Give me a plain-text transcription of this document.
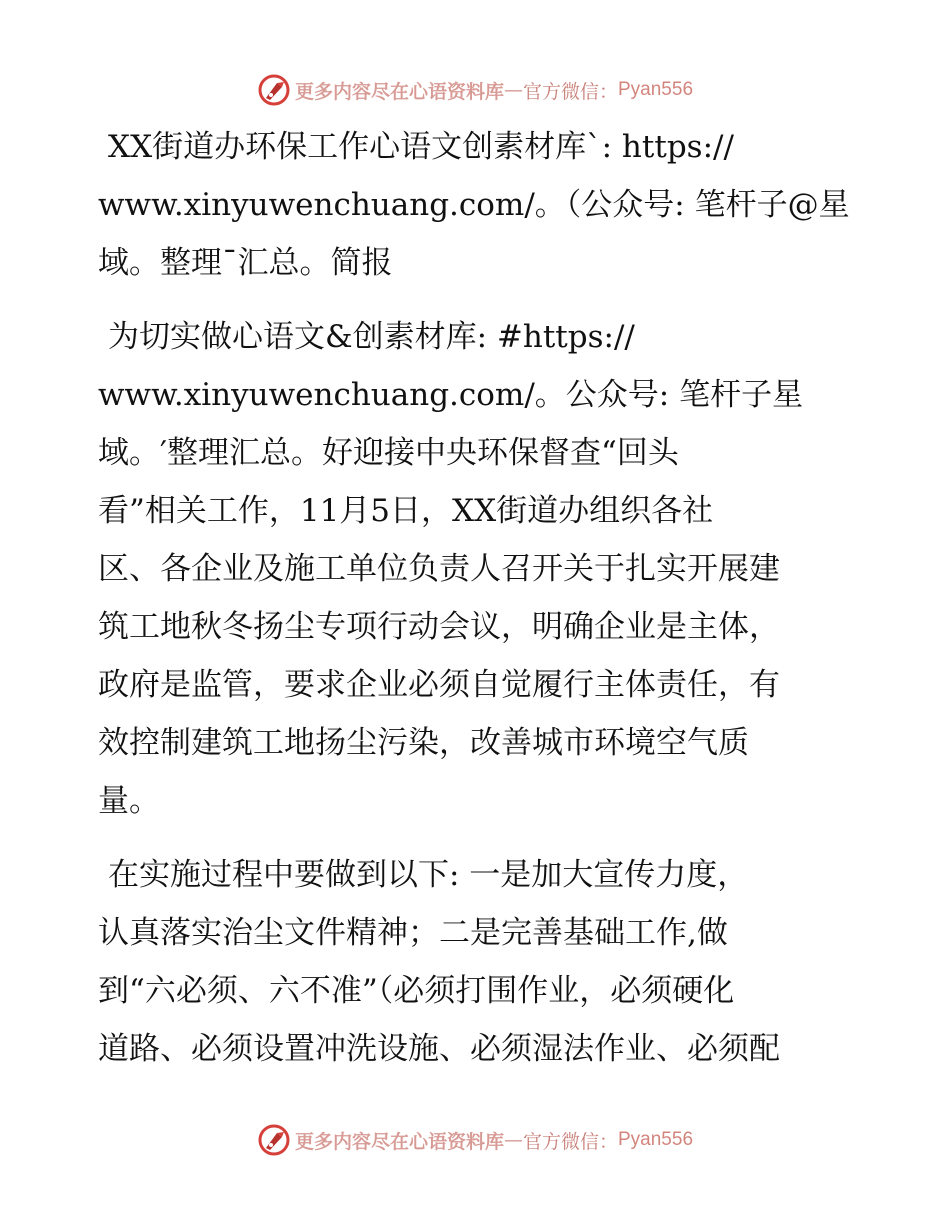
更多内容尽在心语资料库 — 官方微信： Pyan556
XX街道办环保工作心语文创素材库`: https://
www.xinyuwenchuang.com/。（公众号: 笔杆子@星
域。整理¯汇总。简报
为切实做心语文&创素材库: #https://
www.xinyuwenchuang.com/。公众号: 笔杆子星
域。′整理汇总。好迎接中央环保督查“回头
看”相关工作，11月5日，XX街道办组织各社
区、各企业及施工单位负责人召开关于扎实开展建
筑工地秋冬扬尘专项行动会议，明确企业是主体，
政府是监管，要求企业必须自觉履行主体责任，有
效控制建筑工地扬尘污染，改善城市环境空气质
量。
在实施过程中要做到以下: 一是加大宣传力度，
认真落实治尘文件精神；二是完善基础工作,做
到“六必须、六不准”（必须打围作业，必须硬化
道路、必须设置冲洗设施、必须湿法作业、必须配
更多内容尽在心语资料库 — 官方微信： Pyan556
